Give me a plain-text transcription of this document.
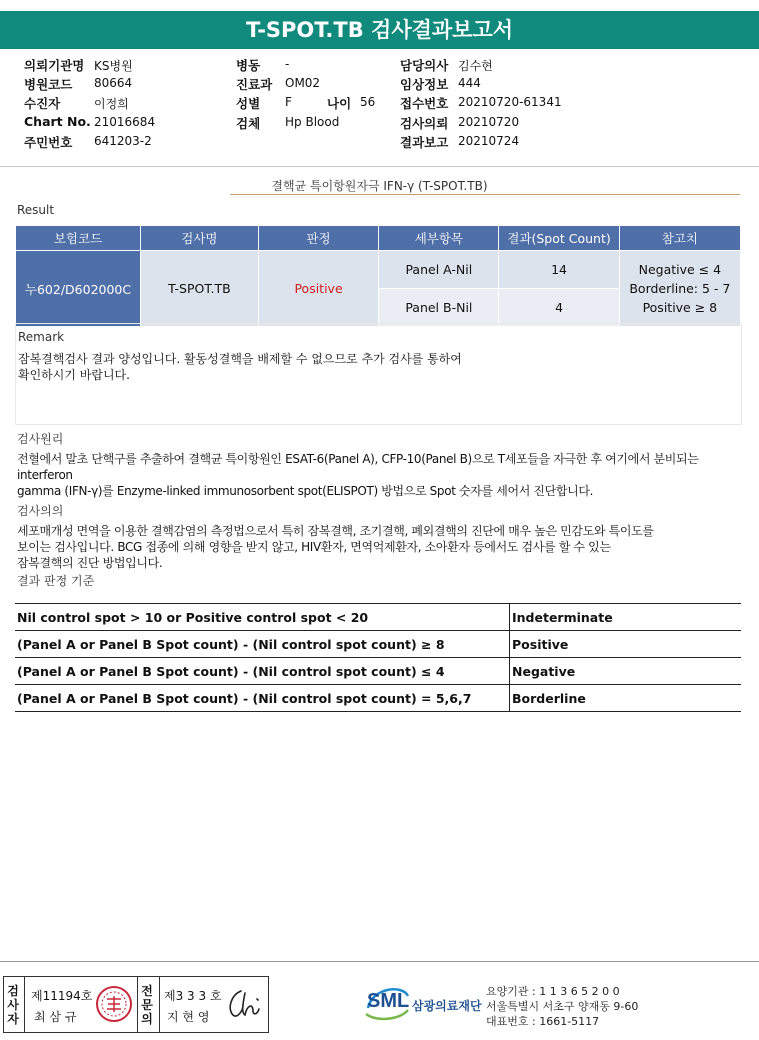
T-SPOT.TB 검사결과보고서
의뢰기관명 KS병원
병원코드 80664
수진자	이정희
Chart No. 21016684
주민번호 641203-2
병동 -
진료과 OM02
성별 F	나이 56
검체 Hp Blood
담당의사 김수현
임상정보 444
접수번호 20210720-61341
검사의뢰 20210720
결과보고 20210724
결핵균 특이항원자극 IFN-γ (T-SPOT.TB)
Result
보험코드	검사명	판정	세부항목	결과(Spot Count)	참고치
누602/D602000C	T-SPOT.TB	Positive	Panel A-Nil	14	Negative ≤ 4
Borderline: 5 - 7
Positive ≥ 8

			Panel B-Nil	4	
Remark
잠복결핵검사 결과 양성입니다. 활동성결핵을 배제할 수 없으므로 추가 검사를 통하여
확인하시기 바랍니다.
검사원리
전혈에서 말초 단핵구를 추출하여 결핵균 특이항원인 ESAT-6(Panel A), CFP-10(Panel B)으로 T세포들을 자극한 후 여기에서 분비되는
interferon
gamma (IFN-γ)를 Enzyme-linked immunosorbent spot(ELISPOT) 방법으로 Spot 숫자를 세어서 진단합니다.
검사의의
세포매개성 면역을 이용한 결핵감염의 측정법으로서 특히 잠복결핵, 조기결핵, 폐외결핵의 진단에 매우 높은 민감도와 특이도를
보이는 검사입니다. BCG 접종에 의해 영향을 받지 않고, HIV환자, 면역억제환자, 소아환자 등에서도 검사를 할 수 있는
잠복결핵의 진단 방법입니다.
결과 판정 기준
Nil control spot > 10 or Positive control spot < 20	Indeterminate
(Panel A or Panel B Spot count) - (Nil control spot count) ≥ 8	Positive
(Panel A or Panel B Spot count) - (Nil control spot count) ≤ 4	Negative
(Panel A or Panel B Spot count) - (Nil control spot count) = 5,6,7	Borderline
검
사
자
제11194호
최 삼 규
전
문
의
제3 3 3 호
지 현 영
SML 삼광의료재단
요양기관 : 1 1 3 6 5 2 0 0
서울특별시 서초구 양재동 9-60
대표번호 : 1661-5117
